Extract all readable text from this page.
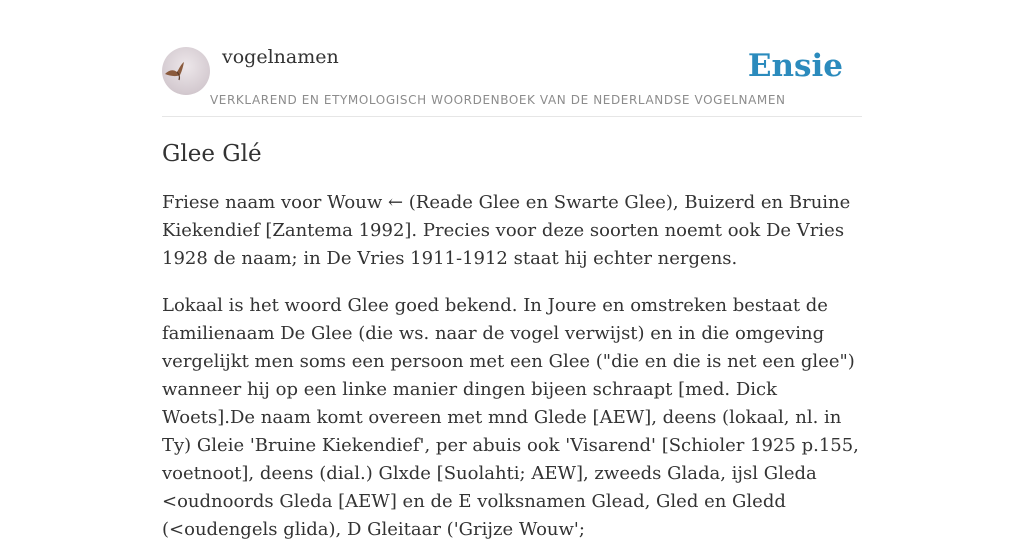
vogelnamen	Ensie
VERKLAREND EN ETYMOLOGISCH WOORDENBOEK VAN DE NEDERLANDSE VOGELNAMEN
Glee Glé

Friese naam voor Wouw ← (Reade Glee en Swarte Glee), Buizerd en Bruine Kiekendief [Zantema 1992]. Precies voor deze soorten noemt ook De Vries 1928 de naam; in De Vries 1911-1912 staat hij echter nergens.

Lokaal is het woord Glee goed bekend. In Joure en omstreken bestaat de familienaam De Glee (die ws. naar de vogel verwijst) en in die omgeving vergelijkt men soms een persoon met een Glee ("die en die is net een glee") wanneer hij op een linke manier dingen bijeen schraapt [med. Dick Woets].De naam komt overeen met mnd Glede [AEW], deens (lokaal, nl. in Ty) Gleie 'Bruine Kiekendief', per abuis ook 'Visarend' [Schioler 1925 p.155, voetnoot], deens (dial.) Glxde [Suolahti; AEW], zweeds Glada, ijsl Gleda <oudnoords Gleda [AEW] en de E volksnamen Glead, Gled en Gledd (<oudengels glida), D Gleitaar ('Grijze Wouw';
